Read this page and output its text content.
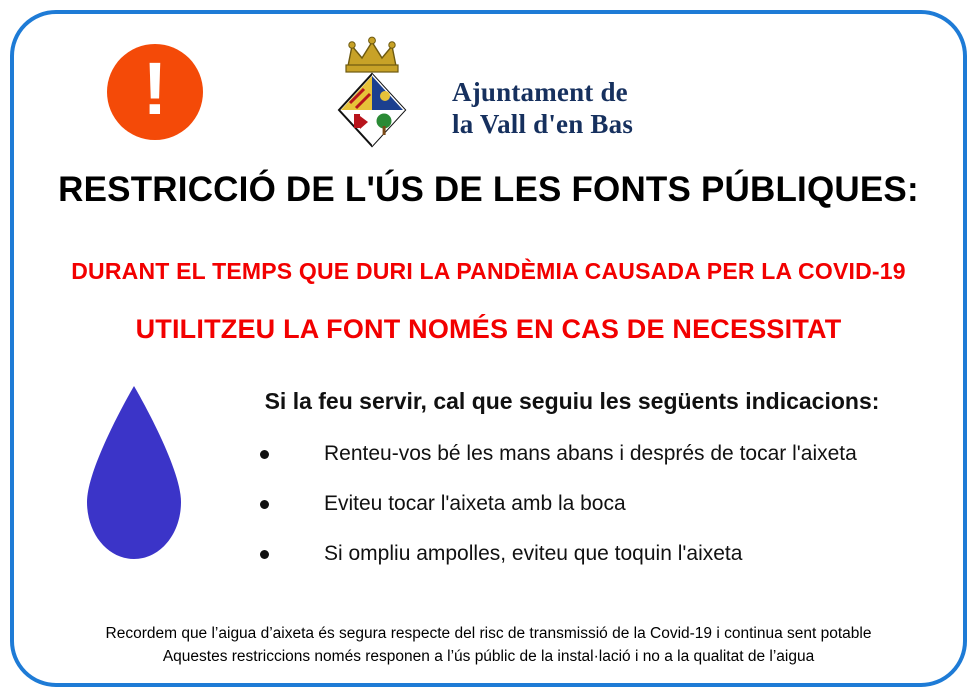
!	Ajuntament de
la Vall d'en Bas
RESTRICCIÓ DE L'ÚS DE LES FONTS PÚBLIQUES:
DURANT EL TEMPS QUE DURI LA PANDÈMIA CAUSADA PER LA COVID-19
UTILITZEU LA FONT NOMÉS EN CAS DE NECESSITAT
Si la feu servir, cal que seguiu les següents indicacions:
Renteu-vos bé les mans abans i després de tocar l'aixeta
Eviteu tocar l'aixeta amb la boca
Si ompliu ampolles, eviteu que toquin l'aixeta
Recordem que l’aigua d’aixeta és segura respecte del risc de transmissió de la Covid-19 i continua sent potable
Aquestes restriccions només responen a l’ús públic de la instal·lació i no a la qualitat de l’aigua
